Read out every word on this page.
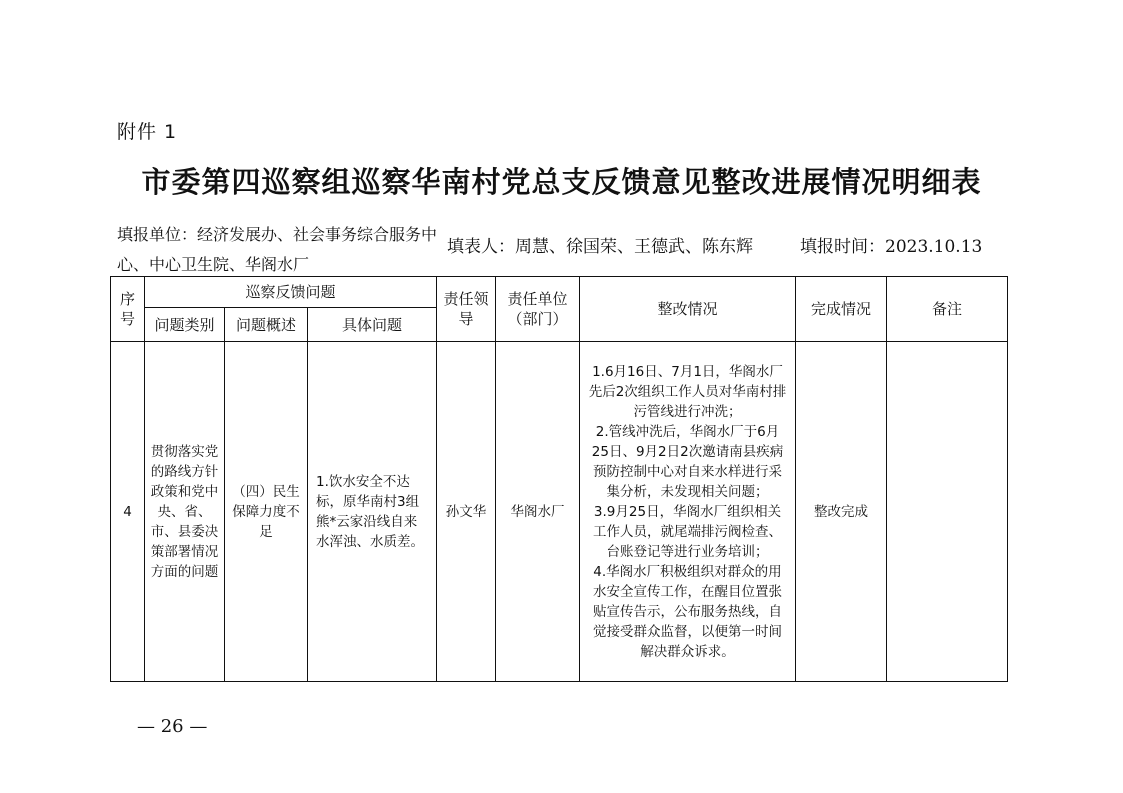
附件 1
市委第四巡察组巡察华南村党总支反馈意见整改进展情况明细表
填报单位：经济发展办、社会事务综合服务中心、中心卫生院、华阁水厂
填表人：周慧、徐国荣、王德武、陈东辉	填报时间：2023.10.13
序号	巡察反馈问题			责任领导	责任单位（部门）	整改情况	完成情况	备注
	问题类别	问题概述	具体问题					
4	贯彻落实党的路线方针政策和党中央、省、市、县委决策部署情况方面的问题	（四）民生保障力度不足	1.饮水安全不达标，原华南村3组熊*云家沿线自来水浑浊、水质差。	孙文华	华阁水厂	1.6月16日、7月1日，华阁水厂先后2次组织工作人员对华南村排污管线进行冲洗；
2.管线冲洗后，华阁水厂于6月25日、9月2日2次邀请南县疾病预防控制中心对自来水样进行采集分析，未发现相关问题；
3.9月25日，华阁水厂组织相关工作人员，就尾端排污阀检查、台账登记等进行业务培训；
4.华阁水厂积极组织对群众的用水安全宣传工作，在醒目位置张贴宣传告示，公布服务热线，自觉接受群众监督，以便第一时间解决群众诉求。	整改完成	
— 26 —
